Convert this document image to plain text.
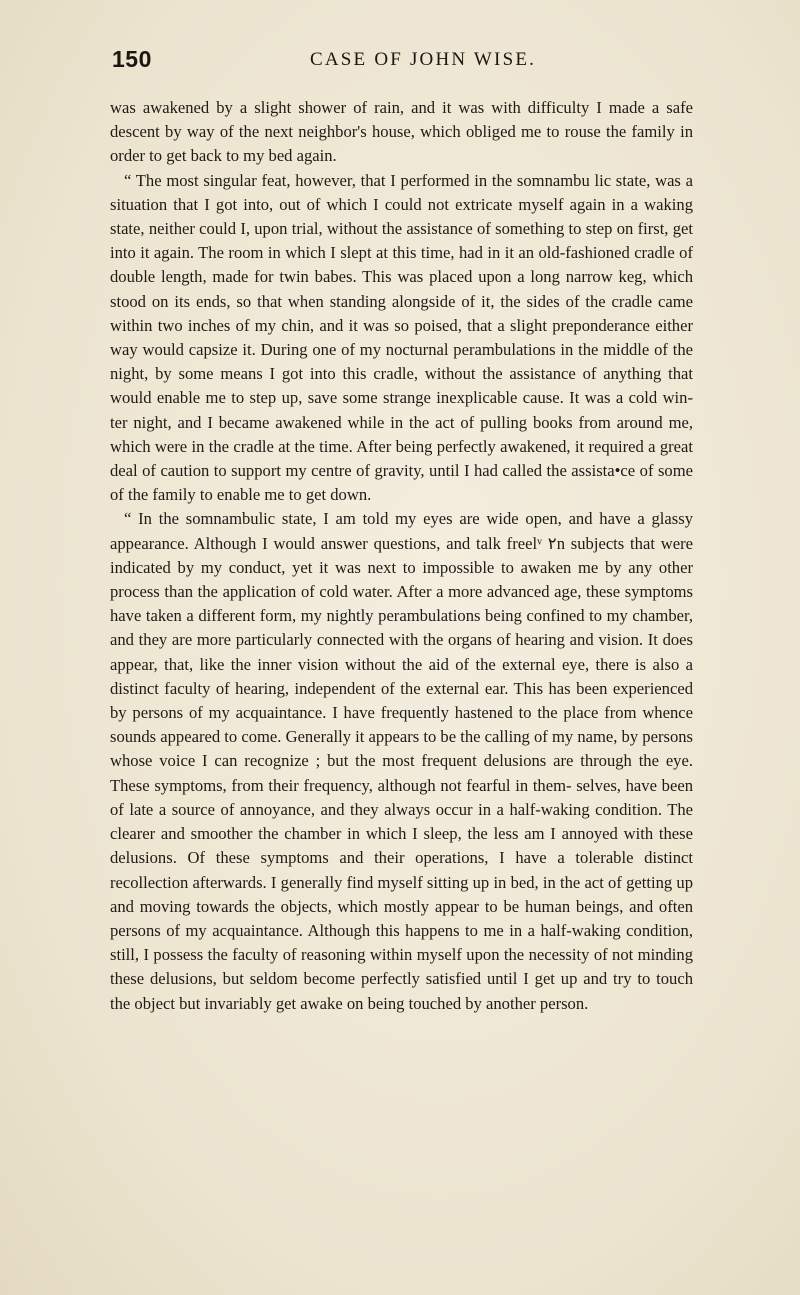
150	CASE OF JOHN WISE.

was awakened by a slight shower of rain, and it was with difficulty I made a safe descent by way of the next neighbor's house, which obliged me to rouse the family in order to get back to my bed again.

“ The most singular feat, however, that I performed in the somnambu lic state, was a situation that I got into, out of which I could not extricate myself again in a waking state, neither could I, upon trial, without the assistance of something to step on first, get into it again. The room in which I slept at this time, had in it an old-fashioned cradle of double length, made for twin babes. This was placed upon a long narrow keg, which stood on its ends, so that when standing alongside of it, the sides of the cradle came within two inches of my chin, and it was so poised, that a slight preponderance either way would capsize it. During one of my nocturnal perambulations in the middle of the night, by some means I got into this cradle, without the assistance of anything that would enable me to step up, save some strange inexplicable cause. It was a cold win- ter night, and I became awakened while in the act of pulling books from around me, which were in the cradle at the time. After being perfectly awakened, it required a great deal of caution to support my centre of gravity, until I had called the assista•ce of some of the family to enable me to get down.

“ In the somnambulic state, I am told my eyes are wide open, and have a glassy appearance. Although I would answer questions, and talk freelᵛ ٢n subjects that were indicated by my conduct, yet it was next to impossible to awaken me by any other process than the application of cold water. After a more advanced age, these symptoms have taken a different form, my nightly perambulations being confined to my chamber, and they are more particularly connected with the organs of hearing and vision. It does appear, that, like the inner vision without the aid of the external eye, there is also a distinct faculty of hearing, independent of the external ear. This has been experienced by persons of my acquaintance. I have frequently hastened to the place from whence sounds appeared to come. Generally it appears to be the calling of my name, by persons whose voice I can recognize ; but the most frequent delusions are through the eye. These symptoms, from their frequency, although not fearful in them- selves, have been of late a source of annoyance, and they always occur in a half-waking condition. The clearer and smoother the chamber in which I sleep, the less am I annoyed with these delusions. Of these symptoms and their operations, I have a tolerable distinct recollection afterwards. I generally find myself sitting up in bed, in the act of getting up and moving towards the objects, which mostly appear to be human beings, and often persons of my acquaintance. Although this happens to me in a half-waking condition, still, I possess the faculty of reasoning within myself upon the necessity of not minding these delusions, but seldom become perfectly satisfied until I get up and try to touch the object but invariably get awake on being touched by another person.
